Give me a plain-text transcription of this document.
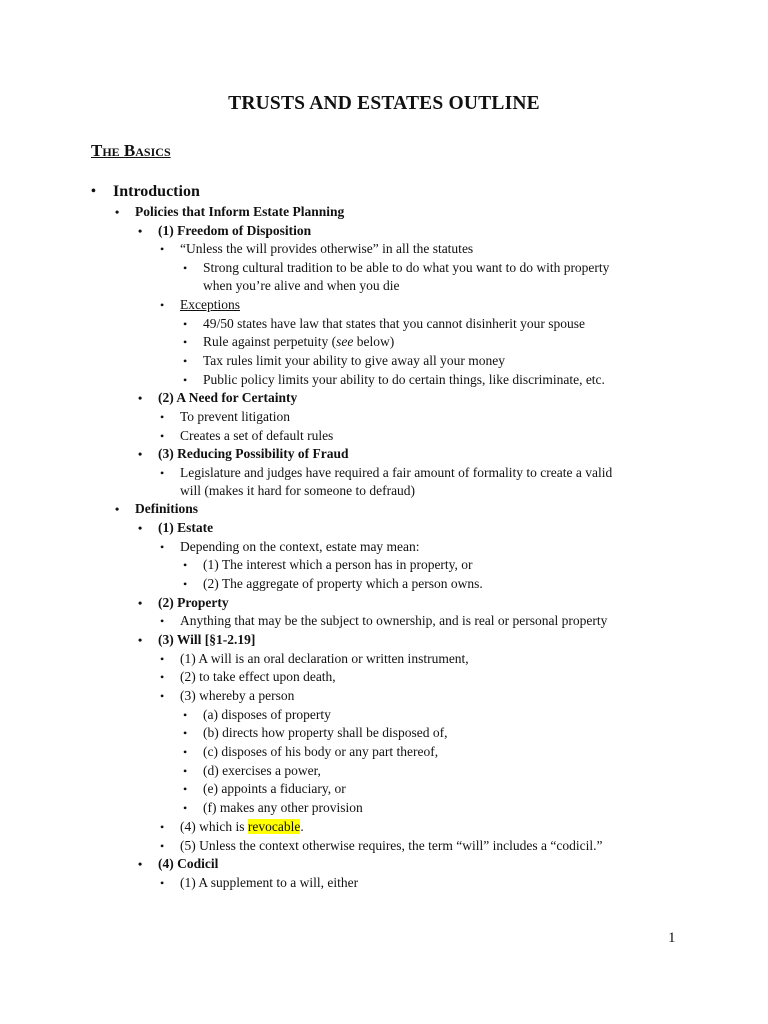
TRUSTS AND ESTATES OUTLINE
The Basics
• Introduction
• Policies that Inform Estate Planning
• (1) Freedom of Disposition
• “Unless the will provides otherwise” in all the statutes
• Strong cultural tradition to be able to do what you want to do with property
when you’re alive and when you die
• Exceptions
• 49/50 states have law that states that you cannot disinherit your spouse
• Rule against perpetuity (see below)
• Tax rules limit your ability to give away all your money
• Public policy limits your ability to do certain things, like discriminate, etc.
• (2) A Need for Certainty
• To prevent litigation
• Creates a set of default rules
• (3) Reducing Possibility of Fraud
• Legislature and judges have required a fair amount of formality to create a valid
will (makes it hard for someone to defraud)
• Definitions
• (1) Estate
• Depending on the context, estate may mean:
• (1) The interest which a person has in property, or
• (2) The aggregate of property which a person owns.
• (2) Property
• Anything that may be the subject to ownership, and is real or personal property
• (3) Will [§1-2.19]
• (1) A will is an oral declaration or written instrument,
• (2) to take effect upon death,
• (3) whereby a person
• (a) disposes of property
• (b) directs how property shall be disposed of,
• (c) disposes of his body or any part thereof,
• (d) exercises a power,
• (e) appoints a fiduciary, or
• (f) makes any other provision
• (4) which is revocable.
• (5) Unless the context otherwise requires, the term “will” includes a “codicil.”
• (4) Codicil
• (1) A supplement to a will, either
1
